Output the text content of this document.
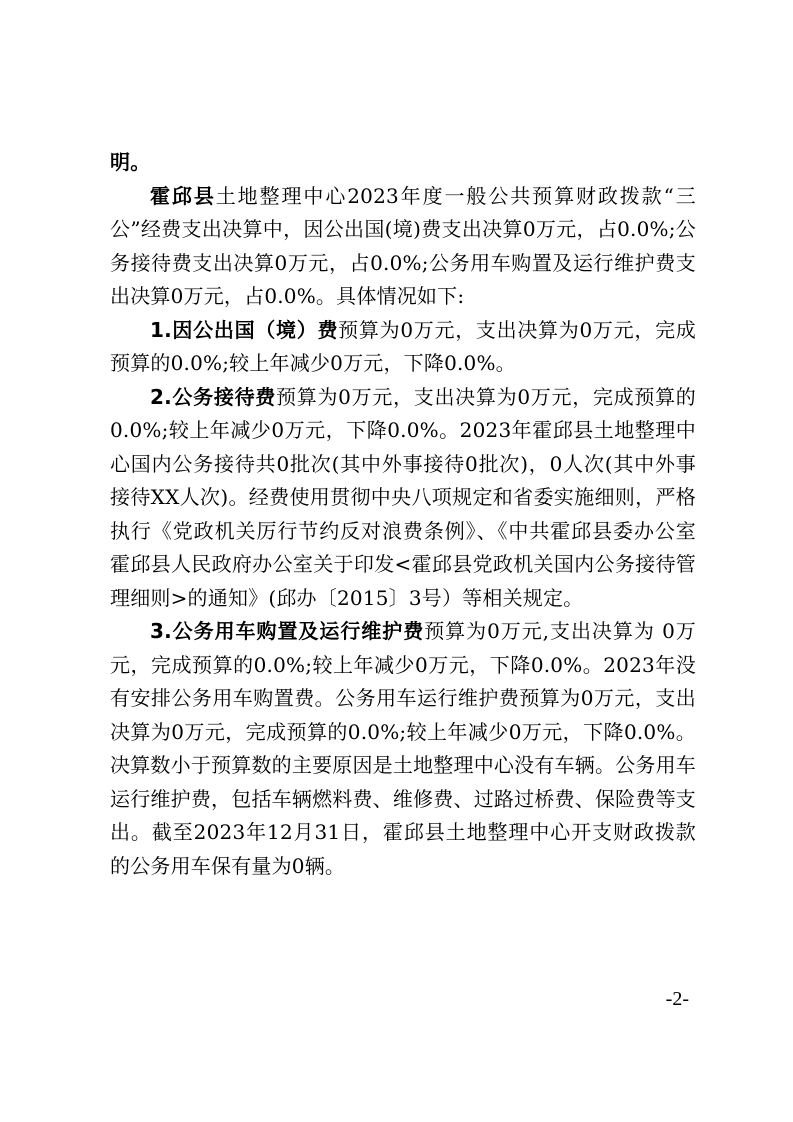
明。

霍邱县土地整理中心2023年度一般公共预算财政拨款“三公”经费支出决算中，因公出国(境)费支出决算0万元，占0.0%;公务接待费支出决算0万元，占0.0%;公务用车购置及运行维护费支出决算0万元，占0.0%。具体情况如下:

1.因公出国（境）费预算为0万元，支出决算为0万元，完成预算的0.0%;较上年减少0万元，下降0.0%。

2.公务接待费预算为0万元，支出决算为0万元，完成预算的0.0%;较上年减少0万元，下降0.0%。2023年霍邱县土地整理中心国内公务接待共0批次(其中外事接待0批次)，0人次(其中外事接待XX人次)。经费使用贯彻中央八项规定和省委实施细则，严格执行《党政机关厉行节约反对浪费条例》、《中共霍邱县委办公室 霍邱县人民政府办公室关于印发<霍邱县党政机关国内公务接待管理细则>的通知》(邱办〔2015〕3号）等相关规定。

3.公务用车购置及运行维护费预算为0万元,支出决算为 0万元，完成预算的0.0%;较上年减少0万元，下降0.0%。2023年没有安排公务用车购置费。公务用车运行维护费预算为0万元，支出决算为0万元，完成预算的0.0%;较上年减少0万元，下降0.0%。决算数小于预算数的主要原因是土地整理中心没有车辆。公务用车运行维护费，包括车辆燃料费、维修费、过路过桥费、保险费等支出。截至2023年12月31日，霍邱县土地整理中心开支财政拨款的公务用车保有量为0辆。

-2-
